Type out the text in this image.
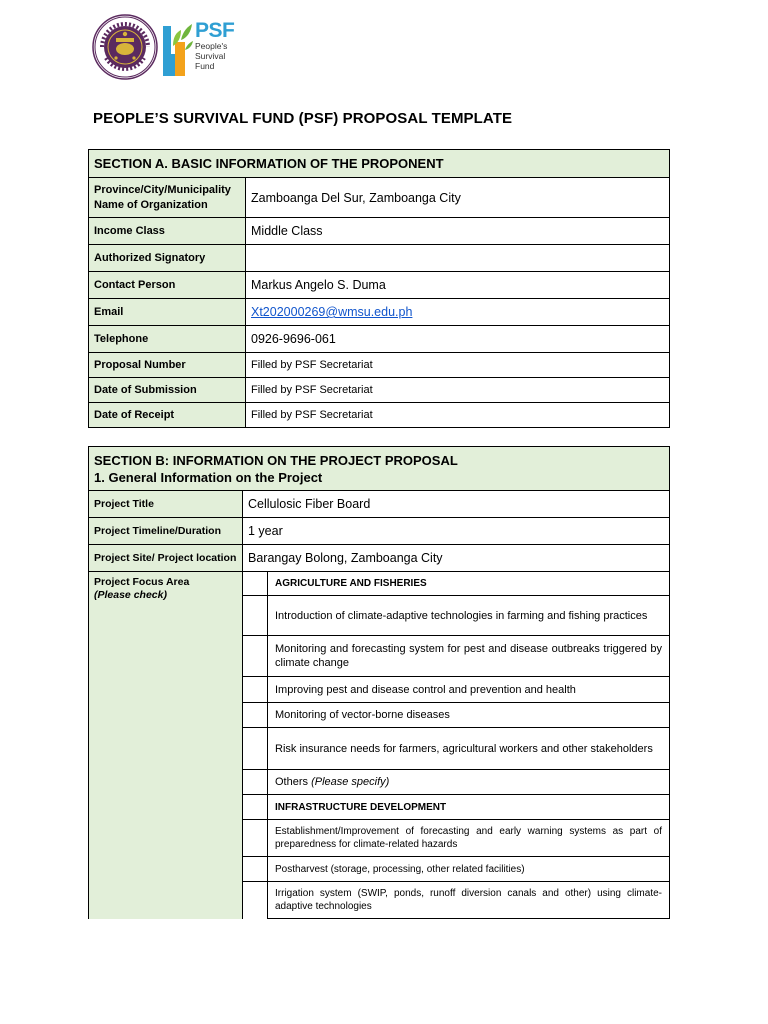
PSF
People's
Survival
Fund
PEOPLE’S SURVIVAL FUND (PSF) PROPOSAL TEMPLATE
SECTION A. BASIC INFORMATION OF THE PROPONENT	
Province/City/Municipality Name of Organization	Zamboanga Del Sur, Zamboanga City
Income Class	Middle Class
Authorized Signatory	
Contact Person	Markus Angelo S. Duma
Email	Xt202000269@wmsu.edu.ph
Telephone	0926-9696-061
Proposal Number	Filled by PSF Secretariat
Date of Submission	Filled by PSF Secretariat
Date of Receipt	Filled by PSF Secretariat
SECTION B: INFORMATION ON THE PROJECT PROPOSAL
1. General Information on the Project		

Project Title	Cellulosic Fiber Board	
Project Timeline/Duration	1 year	
Project Site/ Project location	Barangay Bolong, Zamboanga City	

Project Focus Area
(Please check)		AGRICULTURE AND FISHERIES
		Introduction of climate-adaptive technologies in farming and fishing practices
		Monitoring and forecasting system for pest and disease outbreaks triggered by climate change
		Improving pest and disease control and prevention and health
		Monitoring of vector-borne diseases
		Risk insurance needs for farmers, agricultural workers and other stakeholders
		Others (Please specify)
		INFRASTRUCTURE DEVELOPMENT
		Establishment/Improvement of forecasting and early warning systems as part of preparedness for climate-related hazards
		Postharvest (storage, processing, other related facilities)
		Irrigation system (SWIP, ponds, runoff diversion canals and other) using climate-adaptive technologies
